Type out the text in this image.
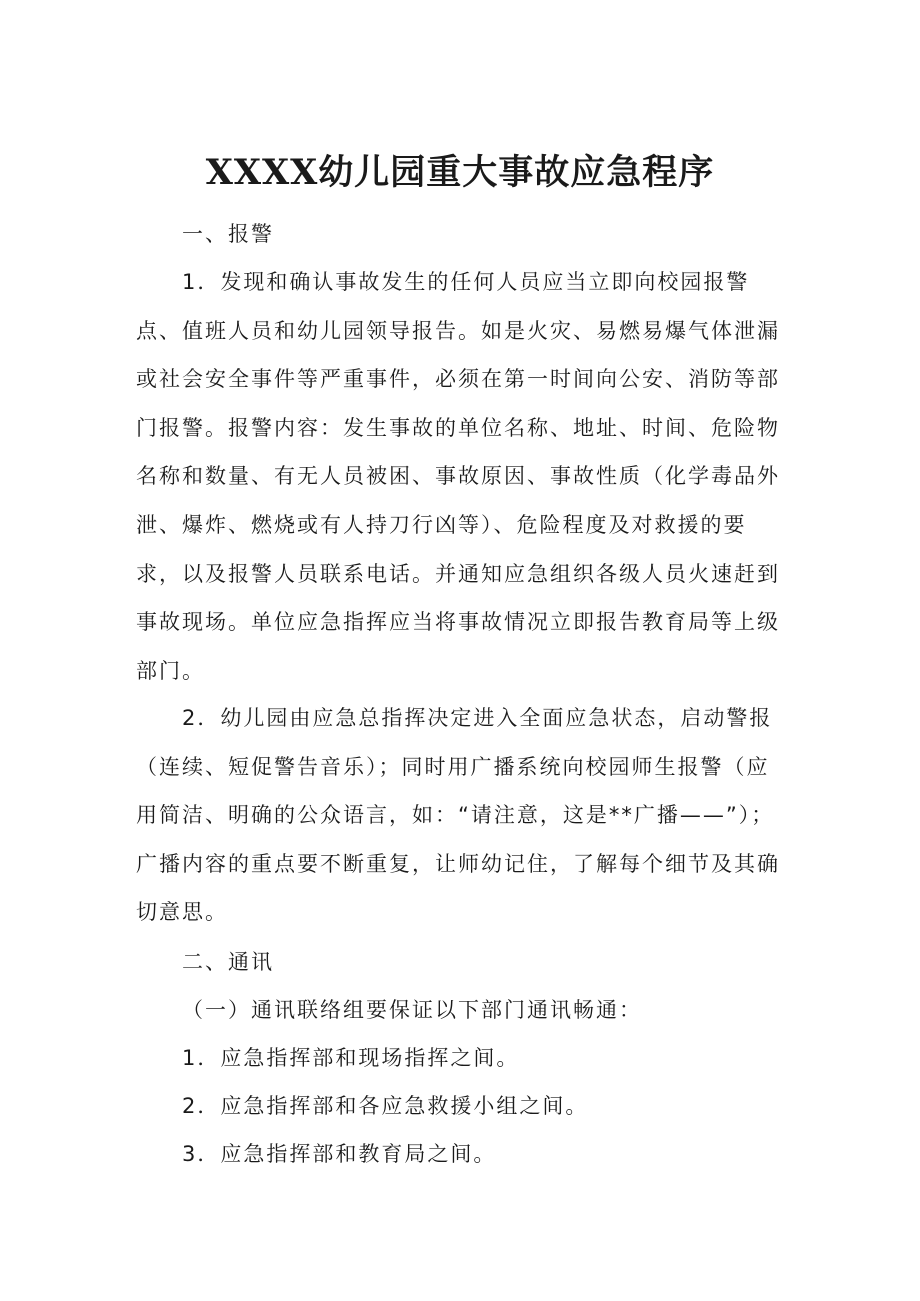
XXXX幼儿园重大事故应急程序

一、报警

1．发现和确认事故发生的任何人员应当立即向校园报警点、值班人员和幼儿园领导报告。如是火灾、易燃易爆气体泄漏或社会安全事件等严重事件，必须在第一时间向公安、消防等部门报警。报警内容：发生事故的单位名称、地址、时间、危险物名称和数量、有无人员被困、事故原因、事故性质（化学毒品外泄、爆炸、燃烧或有人持刀行凶等）、危险程度及对救援的要求，以及报警人员联系电话。并通知应急组织各级人员火速赶到事故现场。单位应急指挥应当将事故情况立即报告教育局等上级部门。

2．幼儿园由应急总指挥决定进入全面应急状态，启动警报（连续、短促警告音乐）；同时用广播系统向校园师生报警（应用简洁、明确的公众语言，如：“请注意，这是**广播——”）；广播内容的重点要不断重复，让师幼记住，了解每个细节及其确切意思。

二、通讯

（一）通讯联络组要保证以下部门通讯畅通：

1．应急指挥部和现场指挥之间。

2．应急指挥部和各应急救援小组之间。

3．应急指挥部和教育局之间。
